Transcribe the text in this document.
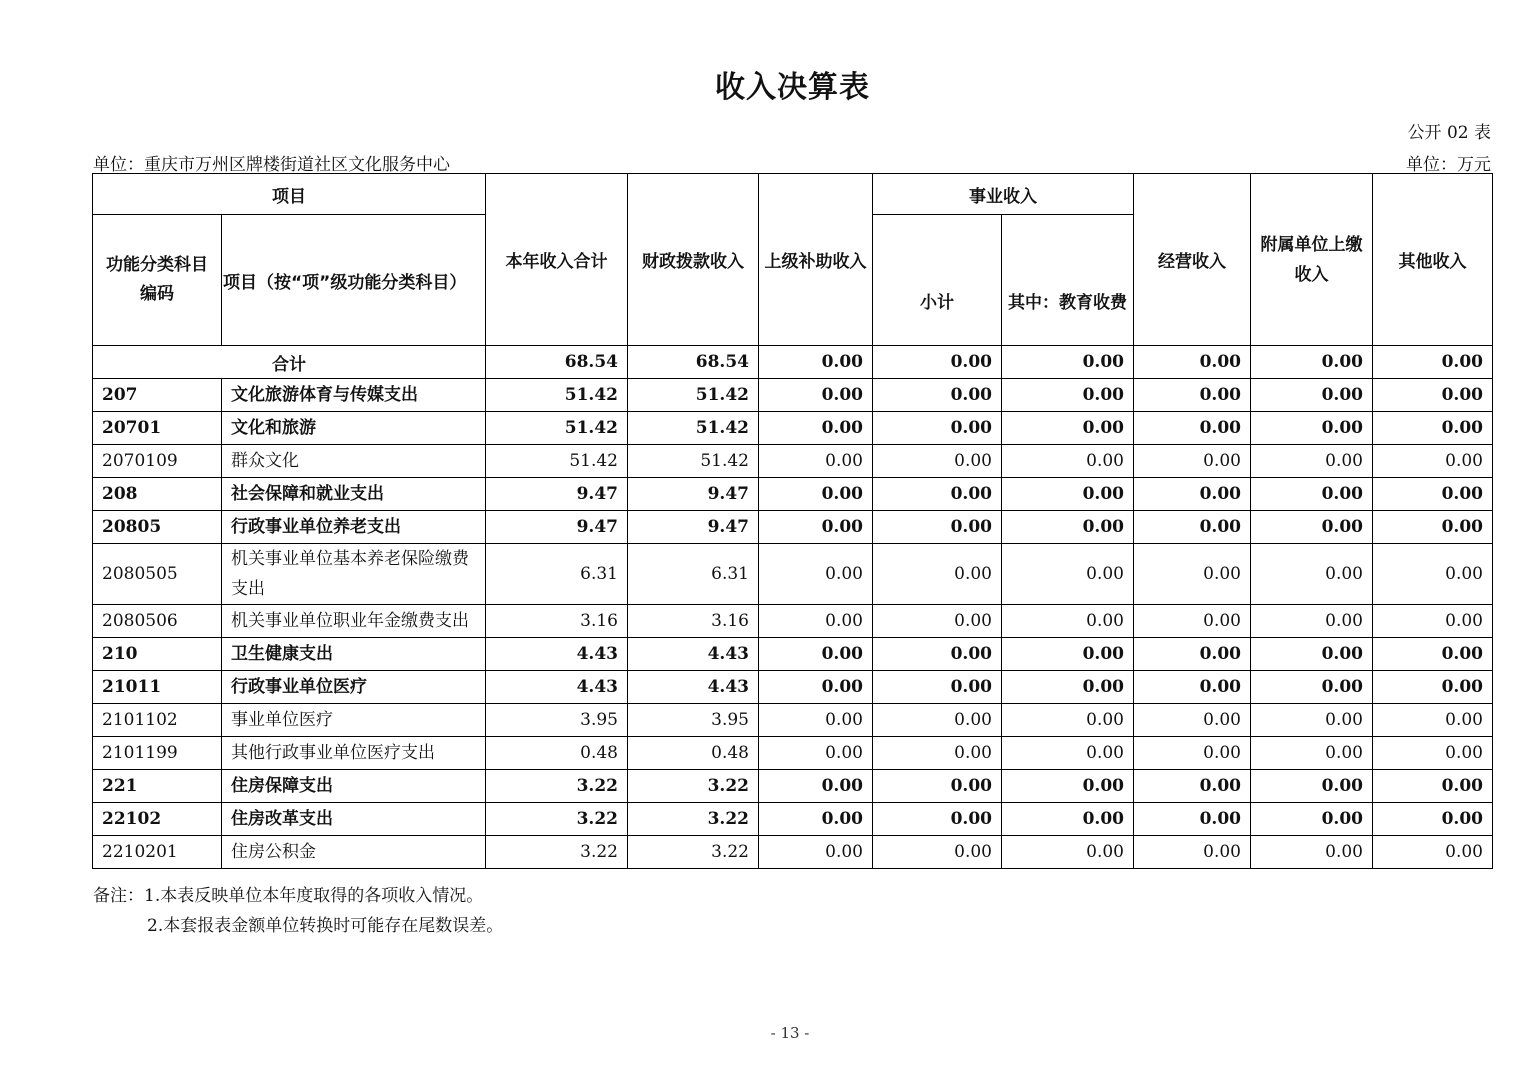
收入决算表
公开 02 表
单位：重庆市万州区牌楼街道社区文化服务中心	单位：万元
项目		本年收入合计	财政拨款收入	上级补助收入	事业收入		经营收入	附属单位上缴收入	其他收入
功能分类科目编码	项目（按“项”级功能分类科目）				小计	其中：教育收费			
合计		68.54	68.54	0.00	0.00	0.00	0.00	0.00	0.00
207	文化旅游体育与传媒支出	51.42	51.42	0.00	0.00	0.00	0.00	0.00	0.00
20701	文化和旅游	51.42	51.42	0.00	0.00	0.00	0.00	0.00	0.00
2070109	群众文化	51.42	51.42	0.00	0.00	0.00	0.00	0.00	0.00
208	社会保障和就业支出	9.47	9.47	0.00	0.00	0.00	0.00	0.00	0.00
20805	行政事业单位养老支出	9.47	9.47	0.00	0.00	0.00	0.00	0.00	0.00
2080505	机关事业单位基本养老保险缴费支出	6.31	6.31	0.00	0.00	0.00	0.00	0.00	0.00
2080506	机关事业单位职业年金缴费支出	3.16	3.16	0.00	0.00	0.00	0.00	0.00	0.00
210	卫生健康支出	4.43	4.43	0.00	0.00	0.00	0.00	0.00	0.00
21011	行政事业单位医疗	4.43	4.43	0.00	0.00	0.00	0.00	0.00	0.00
2101102	事业单位医疗	3.95	3.95	0.00	0.00	0.00	0.00	0.00	0.00
2101199	其他行政事业单位医疗支出	0.48	0.48	0.00	0.00	0.00	0.00	0.00	0.00
221	住房保障支出	3.22	3.22	0.00	0.00	0.00	0.00	0.00	0.00
22102	住房改革支出	3.22	3.22	0.00	0.00	0.00	0.00	0.00	0.00
2210201	住房公积金	3.22	3.22	0.00	0.00	0.00	0.00	0.00	0.00
备注：1.本表反映单位本年度取得的各项收入情况。
2.本套报表金额单位转换时可能存在尾数误差。
- 13 -
